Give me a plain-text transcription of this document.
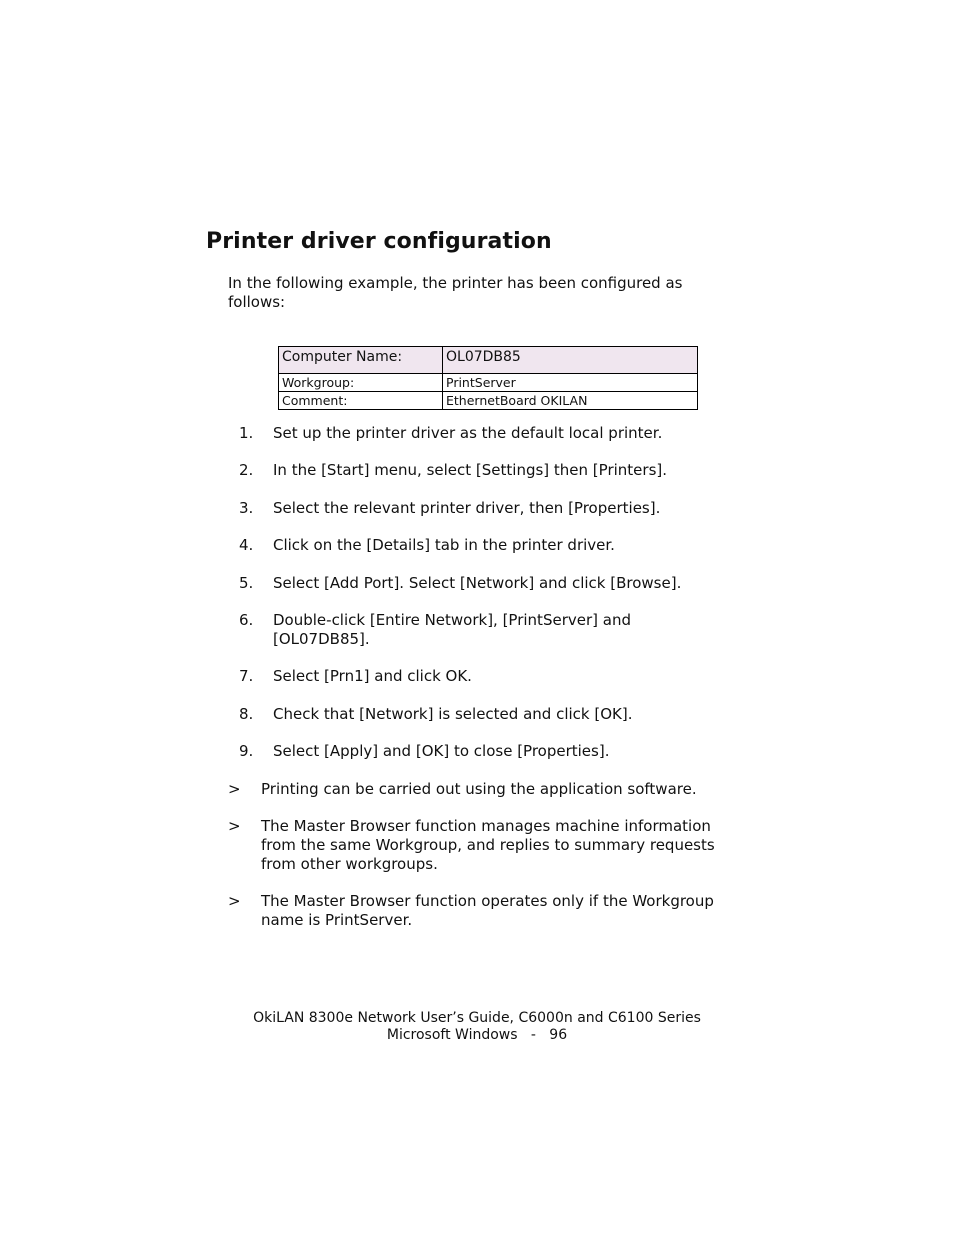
Printer driver configuration
In the following example, the printer has been configured as follows:
Computer Name:	OL07DB85
Workgroup:	PrintServer
Comment:	EthernetBoard OKILAN
1.	Set up the printer driver as the default local printer.
2.	In the [Start] menu, select [Settings] then [Printers].
3.	Select the relevant printer driver, then [Properties].
4.	Click on the [Details] tab in the printer driver.
5.	Select [Add Port]. Select [Network] and click [Browse].
6.	Double-click [Entire Network], [PrintServer] and [OL07DB85].
7.	Select [Prn1] and click OK.
8.	Check that [Network] is selected and click [OK].
9.	Select [Apply] and [OK] to close [Properties].
> Printing can be carried out using the application software.
> The Master Browser function manages machine information from the same Workgroup, and replies to summary requests from other workgroups.
> The Master Browser function operates only if the Workgroup name is PrintServer.
OkiLAN 8300e Network User’s Guide, C6000n and C6100 Series
Microsoft Windows   -   96
